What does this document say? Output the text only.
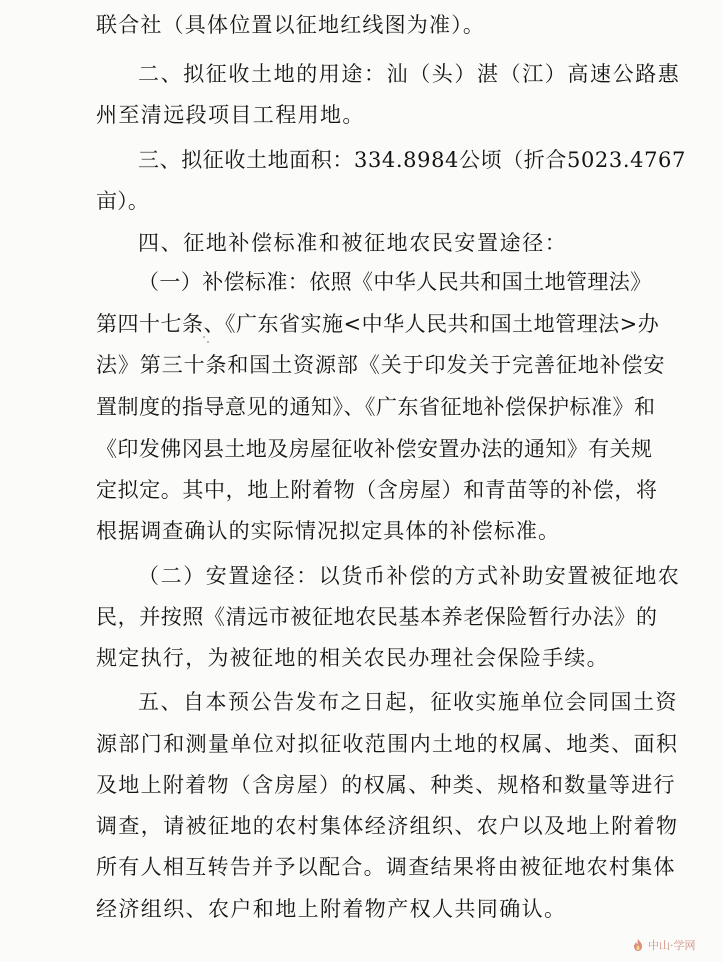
联合社（具体位置以征地红线图为准）。
二、拟征收土地的用途：汕（头）湛（江）高速公路惠
州至清远段项目工程用地。
三、拟征收土地面积：334.8984公顷（折合5023.4767
亩）。
四、征地补偿标准和被征地农民安置途径：
（一）补偿标准：依照《中华人民共和国土地管理法》
第四十七条、《广东省实施<中华人民共和国土地管理法>办
法》第三十条和国土资源部《关于印发关于完善征地补偿安
置制度的指导意见的通知》、《广东省征地补偿保护标准》和
《印发佛冈县土地及房屋征收补偿安置办法的通知》有关规
定拟定。其中，地上附着物（含房屋）和青苗等的补偿，将
根据调查确认的实际情况拟定具体的补偿标准。
（二）安置途径：以货币补偿的方式补助安置被征地农
民，并按照《清远市被征地农民基本养老保险暂行办法》的
规定执行，为被征地的相关农民办理社会保险手续。
五、自本预公告发布之日起，征收实施单位会同国土资
源部门和测量单位对拟征收范围内土地的权属、地类、面积
及地上附着物（含房屋）的权属、种类、规格和数量等进行
调查，请被征地的农村集体经济组织、农户以及地上附着物
所有人相互转告并予以配合。调查结果将由被征地农村集体
经济组织、农户和地上附着物产权人共同确认。
中山·学网
